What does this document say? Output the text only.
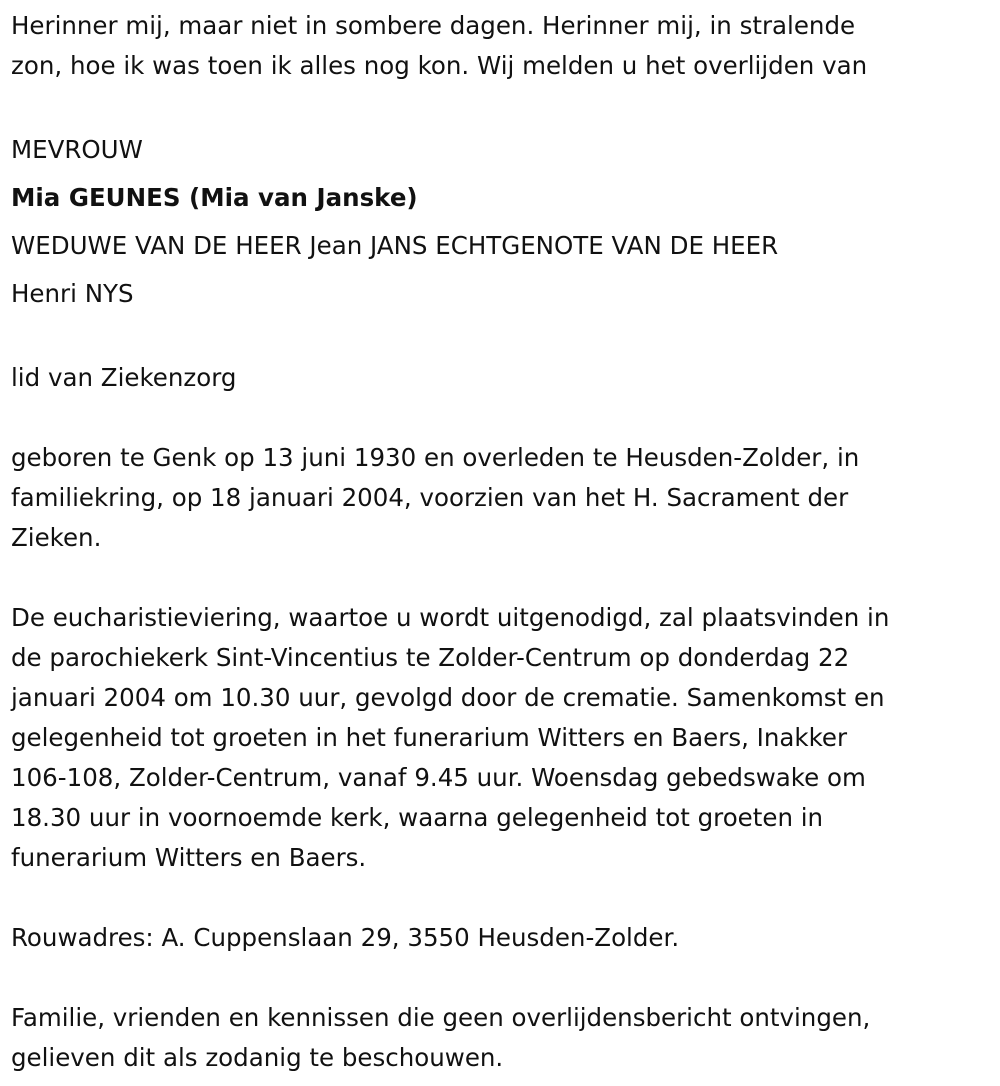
Herinner mij, maar niet in sombere dagen. Herinner mij, in stralende

zon, hoe ik was toen ik alles nog kon. Wij melden u het overlijden van

MEVROUW

Mia GEUNES (Mia van Janske)

WEDUWE VAN DE HEER Jean JANS ECHTGENOTE VAN DE HEER

Henri NYS

lid van Ziekenzorg

geboren te Genk op 13 juni 1930 en overleden te Heusden-Zolder, in

familiekring, op 18 januari 2004, voorzien van het H. Sacrament der

Zieken.

De eucharistieviering, waartoe u wordt uitgenodigd, zal plaatsvinden in

de parochiekerk Sint-Vincentius te Zolder-Centrum op donderdag 22

januari 2004 om 10.30 uur, gevolgd door de crematie. Samenkomst en

gelegenheid tot groeten in het funerarium Witters en Baers, Inakker

106-108, Zolder-Centrum, vanaf 9.45 uur. Woensdag gebedswake om

18.30 uur in voornoemde kerk, waarna gelegenheid tot groeten in

funerarium Witters en Baers.

Rouwadres: A. Cuppenslaan 29, 3550 Heusden-Zolder.

Familie, vrienden en kennissen die geen overlijdensbericht ontvingen,

gelieven dit als zodanig te beschouwen.
